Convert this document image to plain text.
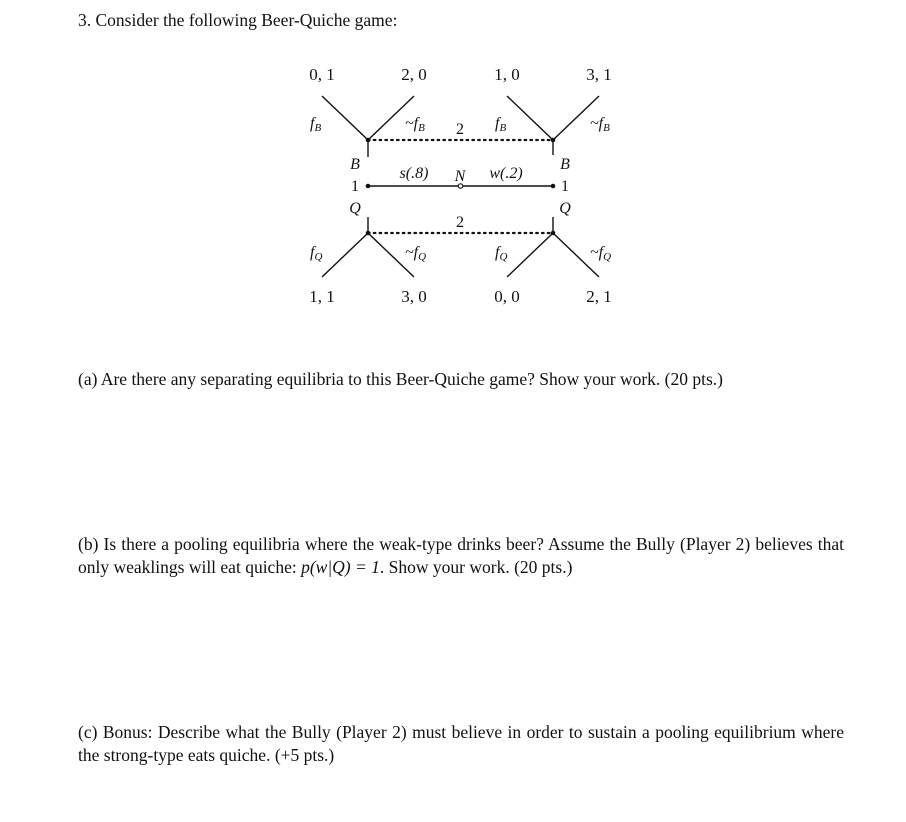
3. Consider the following Beer-Quiche game:
0, 1	2, 0	1, 0	3, 1
1, 1	3, 0	0, 0	2, 1
fB	~fB	fB	~fB
fQ	~fQ	fQ	~fQ
2
2
B
1
Q
B
1
Q
s(.8) N w(.2)
(a) Are there any separating equilibria to this Beer-Quiche game? Show your work. (20 pts.)
(b) Is there a pooling equilibria where the weak-type drinks beer? Assume the Bully (Player 2) believes that only weaklings will eat quiche: p(w|Q) = 1. Show your work. (20 pts.)
(c) Bonus: Describe what the Bully (Player 2) must believe in order to sustain a pooling equilibrium where the strong-type eats quiche. (+5 pts.)
